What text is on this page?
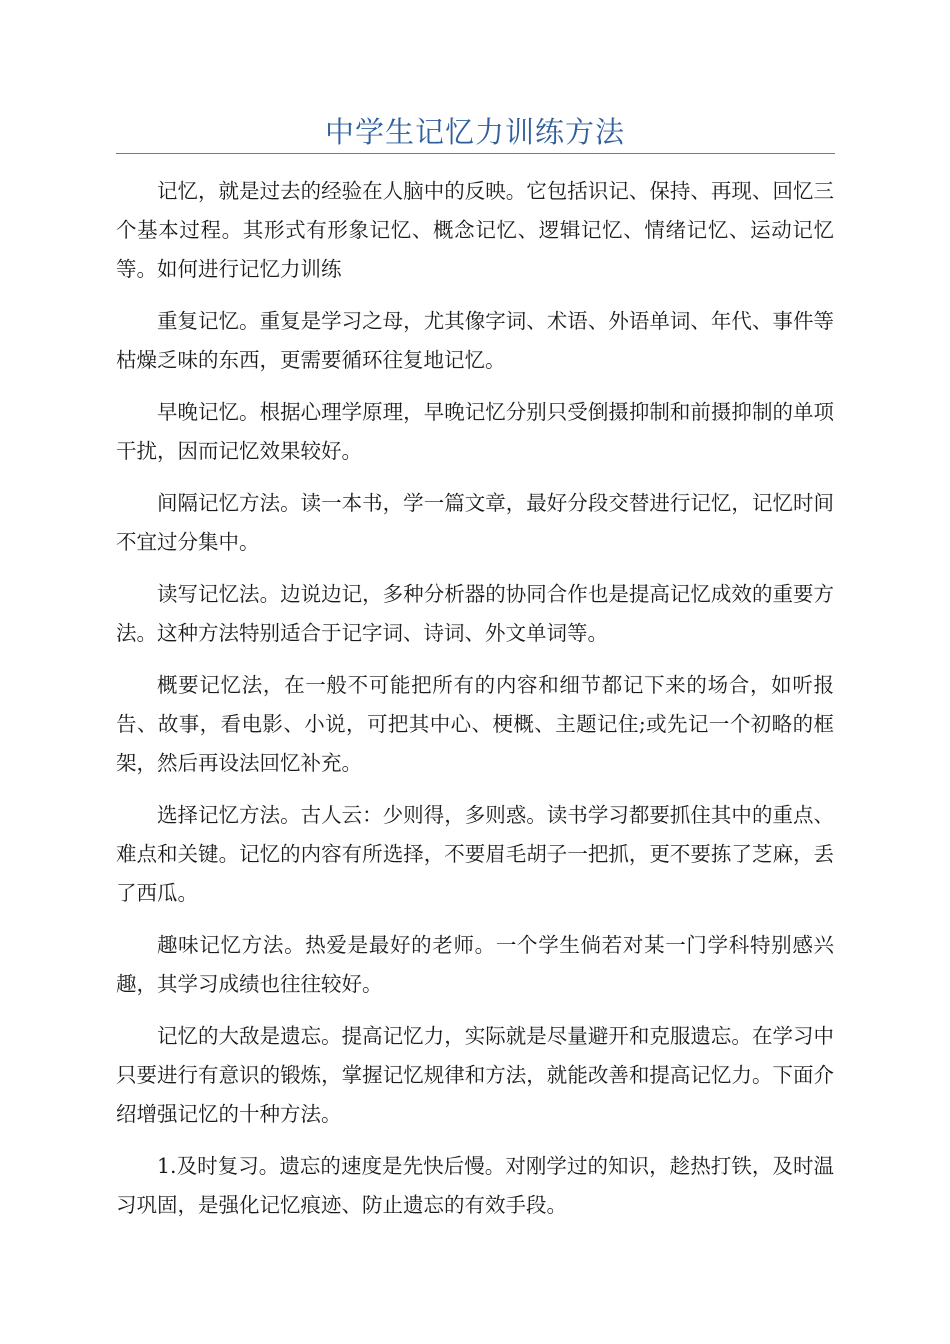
中学生记忆力训练方法

记忆，就是过去的经验在人脑中的反映。它包括识记、保持、再现、回忆三个基本过程。其形式有形象记忆、概念记忆、逻辑记忆、情绪记忆、运动记忆等。如何进行记忆力训练

重复记忆。重复是学习之母，尤其像字词、术语、外语单词、年代、事件等枯燥乏味的东西，更需要循环往复地记忆。

早晚记忆。根据心理学原理，早晚记忆分别只受倒摄抑制和前摄抑制的单项干扰，因而记忆效果较好。

间隔记忆方法。读一本书，学一篇文章，最好分段交替进行记忆，记忆时间不宜过分集中。

读写记忆法。边说边记，多种分析器的协同合作也是提高记忆成效的重要方法。这种方法特别适合于记字词、诗词、外文单词等。

概要记忆法，在一般不可能把所有的内容和细节都记下来的场合，如听报告、故事，看电影、小说，可把其中心、梗概、主题记住;或先记一个初略的框架，然后再设法回忆补充。

选择记忆方法。古人云：少则得，多则惑。读书学习都要抓住其中的重点、难点和关键。记忆的内容有所选择，不要眉毛胡子一把抓，更不要拣了芝麻，丢了西瓜。

趣味记忆方法。热爱是最好的老师。一个学生倘若对某一门学科特别感兴趣，其学习成绩也往往较好。

记忆的大敌是遗忘。提高记忆力，实际就是尽量避开和克服遗忘。在学习中只要进行有意识的锻炼，掌握记忆规律和方法，就能改善和提高记忆力。下面介绍增强记忆的十种方法。

1.及时复习。遗忘的速度是先快后慢。对刚学过的知识，趁热打铁，及时温习巩固，是强化记忆痕迹、防止遗忘的有效手段。
